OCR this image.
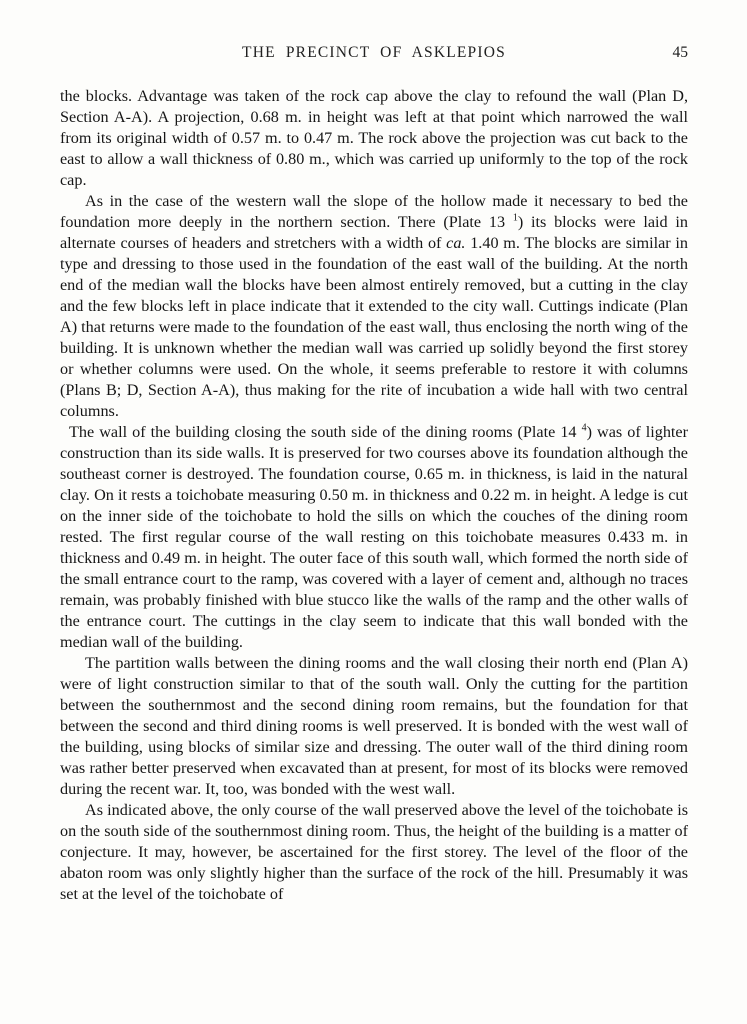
THE PRECINCT OF ASKLEPIOS	45

the blocks. Advantage was taken of the rock cap above the clay to refound the wall (Plan D, Section A-A). A projection, 0.68 m. in height was left at that point which narrowed the wall from its original width of 0.57 m. to 0.47 m. The rock above the projection was cut back to the east to allow a wall thickness of 0.80 m., which was carried up uniformly to the top of the rock cap.

As in the case of the western wall the slope of the hollow made it necessary to bed the foundation more deeply in the northern section. There (Plate 13 $^1$) its blocks were laid in alternate courses of headers and stretchers with a width of ca. 1.40 m. The blocks are similar in type and dressing to those used in the foundation of the east wall of the building. At the north end of the median wall the blocks have been almost entirely removed, but a cutting in the clay and the few blocks left in place indicate that it extended to the city wall. Cuttings indicate (Plan A) that returns were made to the foundation of the east wall, thus enclosing the north wing of the building. It is unknown whether the median wall was carried up solidly beyond the first storey or whether columns were used. On the whole, it seems preferable to restore it with columns (Plans B; D, Section A-A), thus making for the rite of incubation a wide hall with two central columns.

The wall of the building closing the south side of the dining rooms (Plate 14 $^4$) was of lighter construction than its side walls. It is preserved for two courses above its foundation although the southeast corner is destroyed. The foundation course, 0.65 m. in thickness, is laid in the natural clay. On it rests a toichobate measuring 0.50 m. in thickness and 0.22 m. in height. A ledge is cut on the inner side of the toichobate to hold the sills on which the couches of the dining room rested. The first regular course of the wall resting on this toichobate measures 0.433 m. in thickness and 0.49 m. in height. The outer face of this south wall, which formed the north side of the small entrance court to the ramp, was covered with a layer of cement and, although no traces remain, was probably finished with blue stucco like the walls of the ramp and the other walls of the entrance court. The cuttings in the clay seem to indicate that this wall bonded with the median wall of the building.

The partition walls between the dining rooms and the wall closing their north end (Plan A) were of light construction similar to that of the south wall. Only the cutting for the partition between the southernmost and the second dining room remains, but the foundation for that between the second and third dining rooms is well preserved. It is bonded with the west wall of the building, using blocks of similar size and dressing. The outer wall of the third dining room was rather better preserved when excavated than at present, for most of its blocks were removed during the recent war. It, too, was bonded with the west wall.

As indicated above, the only course of the wall preserved above the level of the toichobate is on the south side of the southernmost dining room. Thus, the height of the building is a matter of conjecture. It may, however, be ascertained for the first storey. The level of the floor of the abaton room was only slightly higher than the surface of the rock of the hill. Presumably it was set at the level of the toichobate of
